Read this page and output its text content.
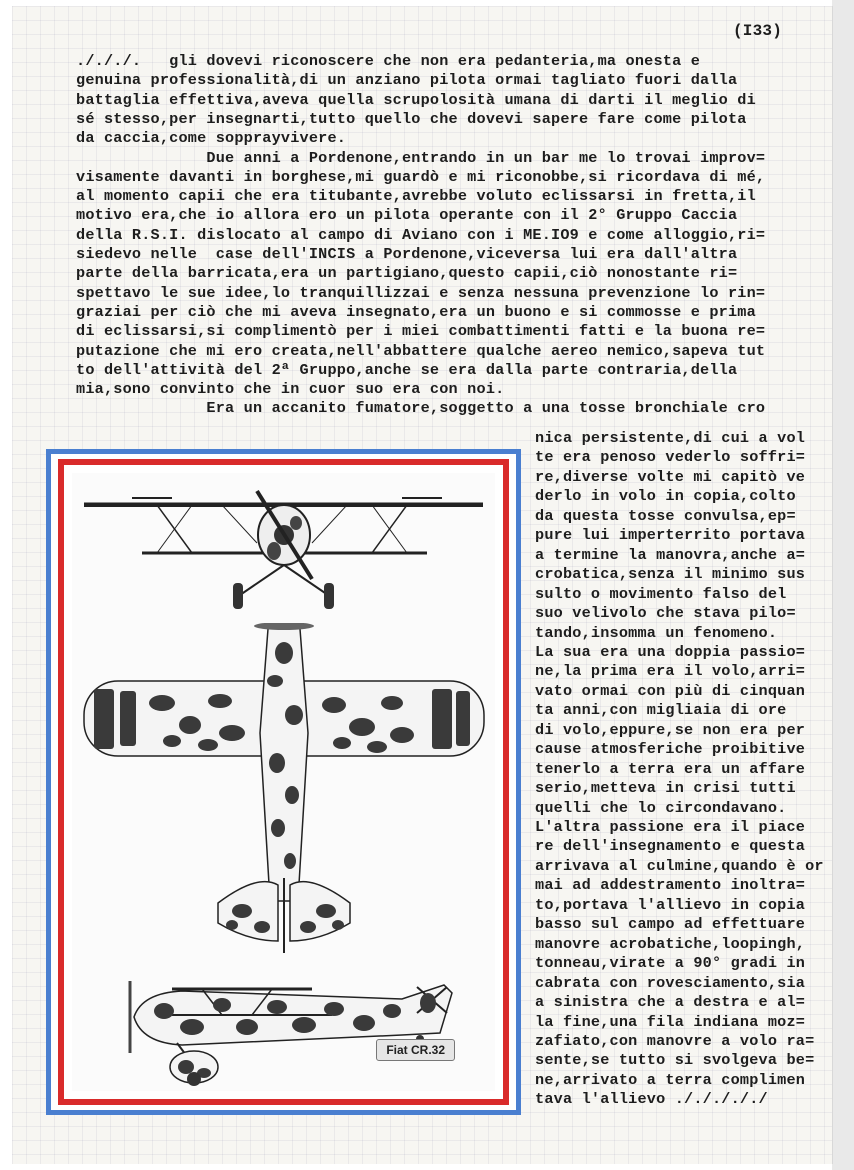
(I33)
./././.   gli dovevi riconoscere che non era pedanteria,ma onesta e
genuina professionalità,di un anziano pilota ormai tagliato fuori dalla
battaglia effettiva,aveva quella scrupolosità umana di darti il meglio di
sé stesso,per insegnarti,tutto quello che dovevi sapere fare come pilota
da caccia,come sopprayvivere.
Due anni a Pordenone,entrando in un bar me lo trovai improv=
visamente davanti in borghese,mi guardò e mi riconobbe,si ricordava di mé,
al momento capii che era titubante,avrebbe voluto eclissarsi in fretta,il
motivo era,che io allora ero un pilota operante con il 2° Gruppo Caccia
della R.S.I. dislocato al campo di Aviano con i ME.IO9 e come alloggio,ri=
siedevo nelle  case dell'INCIS a Pordenone,viceversa lui era dall'altra
parte della barricata,era un partigiano,questo capii,ciò nonostante ri=
spettavo le sue idee,lo tranquillizzai e senza nessuna prevenzione lo rin=
graziai per ciò che mi aveva insegnato,era un buono e si commosse e prima
di eclissarsi,si complimentò per i miei combattimenti fatti e la buona re=
putazione che mi ero creata,nell'abbattere qualche aereo nemico,sapeva tut
to dell'attività del 2ª Gruppo,anche se era dalla parte contraria,della
mia,sono convinto che in cuor suo era con noi.
Era un accanito fumatore,soggetto a una tosse bronchiale cro
nica persistente,di cui a vol
te era penoso vederlo soffri=
re,diverse volte mi capitò ve
derlo in volo in copia,colto
da questa tosse convulsa,ep=
pure lui imperterrito portava
a termine la manovra,anche a=
crobatica,senza il minimo sus
sulto o movimento falso del
suo velivolo che stava pilo=
tando,insomma un fenomeno.
La sua era una doppia passio=
ne,la prima era il volo,arri=
vato ormai con più di cinquan
ta anni,con migliaia di ore
di volo,eppure,se non era per
cause atmosferiche proibitive
tenerlo a terra era un affare
serio,metteva in crisi tutti
quelli che lo circondavano.
L'altra passione era il piace
re dell'insegnamento e questa
arrivava al culmine,quando è or
mai ad addestramento inoltra=
to,portava l'allievo in copia
basso sul campo ad effettuare
manovre acrobatiche,loopingh,
tonneau,virate a 90° gradi in
cabrata con rovesciamento,sia
a sinistra che a destra e al=
la fine,una fila indiana moz=
zafiato,con manovre a volo ra=
sente,se tutto si svolgeva be=
ne,arrivato a terra complimen
tava l'allievo ./././././
Fiat CR.32
